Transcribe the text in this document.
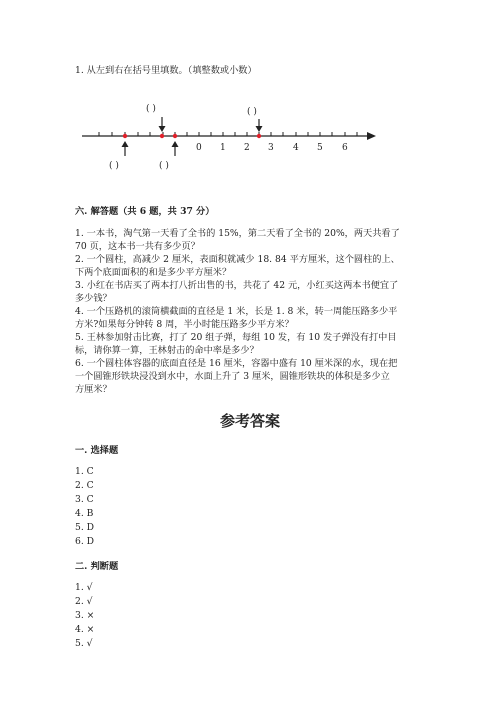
1. 从左到右在括号里填数。（填整数或小数）
( )	( )
( )	( )
0 1 2 3 4 5 6
六. 解答题（共 6 题，共 37 分）
1. 一本书，淘气第一天看了全书的 15%，第二天看了全书的 20%，两天共看了
70 页，这本书一共有多少页？
2. 一个圆柱，高减少 2 厘米，表面积就减少 18. 84 平方厘米，这个圆柱的上、
下两个底面面积的和是多少平方厘米？
3. 小红在书店买了两本打八折出售的书，共花了 42 元，小红买这两本书便宜了
多少钱？
4. 一个压路机的滚筒横截面的直径是 1 米，长是 1. 8 米，转一周能压路多少平
方米?如果每分钟转 8 周，半小时能压路多少平方米？
5. 王林参加射击比赛，打了 20 组子弹，每组 10 发，有 10 发子弹没有打中目
标，请你算一算，王林射击的命中率是多少？
6. 一个圆柱体容器的底面直径是 16 厘米，容器中盛有 10 厘米深的水，现在把
一个圆锥形铁块浸没到水中，水面上升了 3 厘米，圆锥形铁块的体积是多少立
方厘米？
参考答案
一. 选择题
1. C
2. C
3. C
4. B
5. D
6. D
二. 判断题
1. √
2. √
3. ×
4. ×
5. √
